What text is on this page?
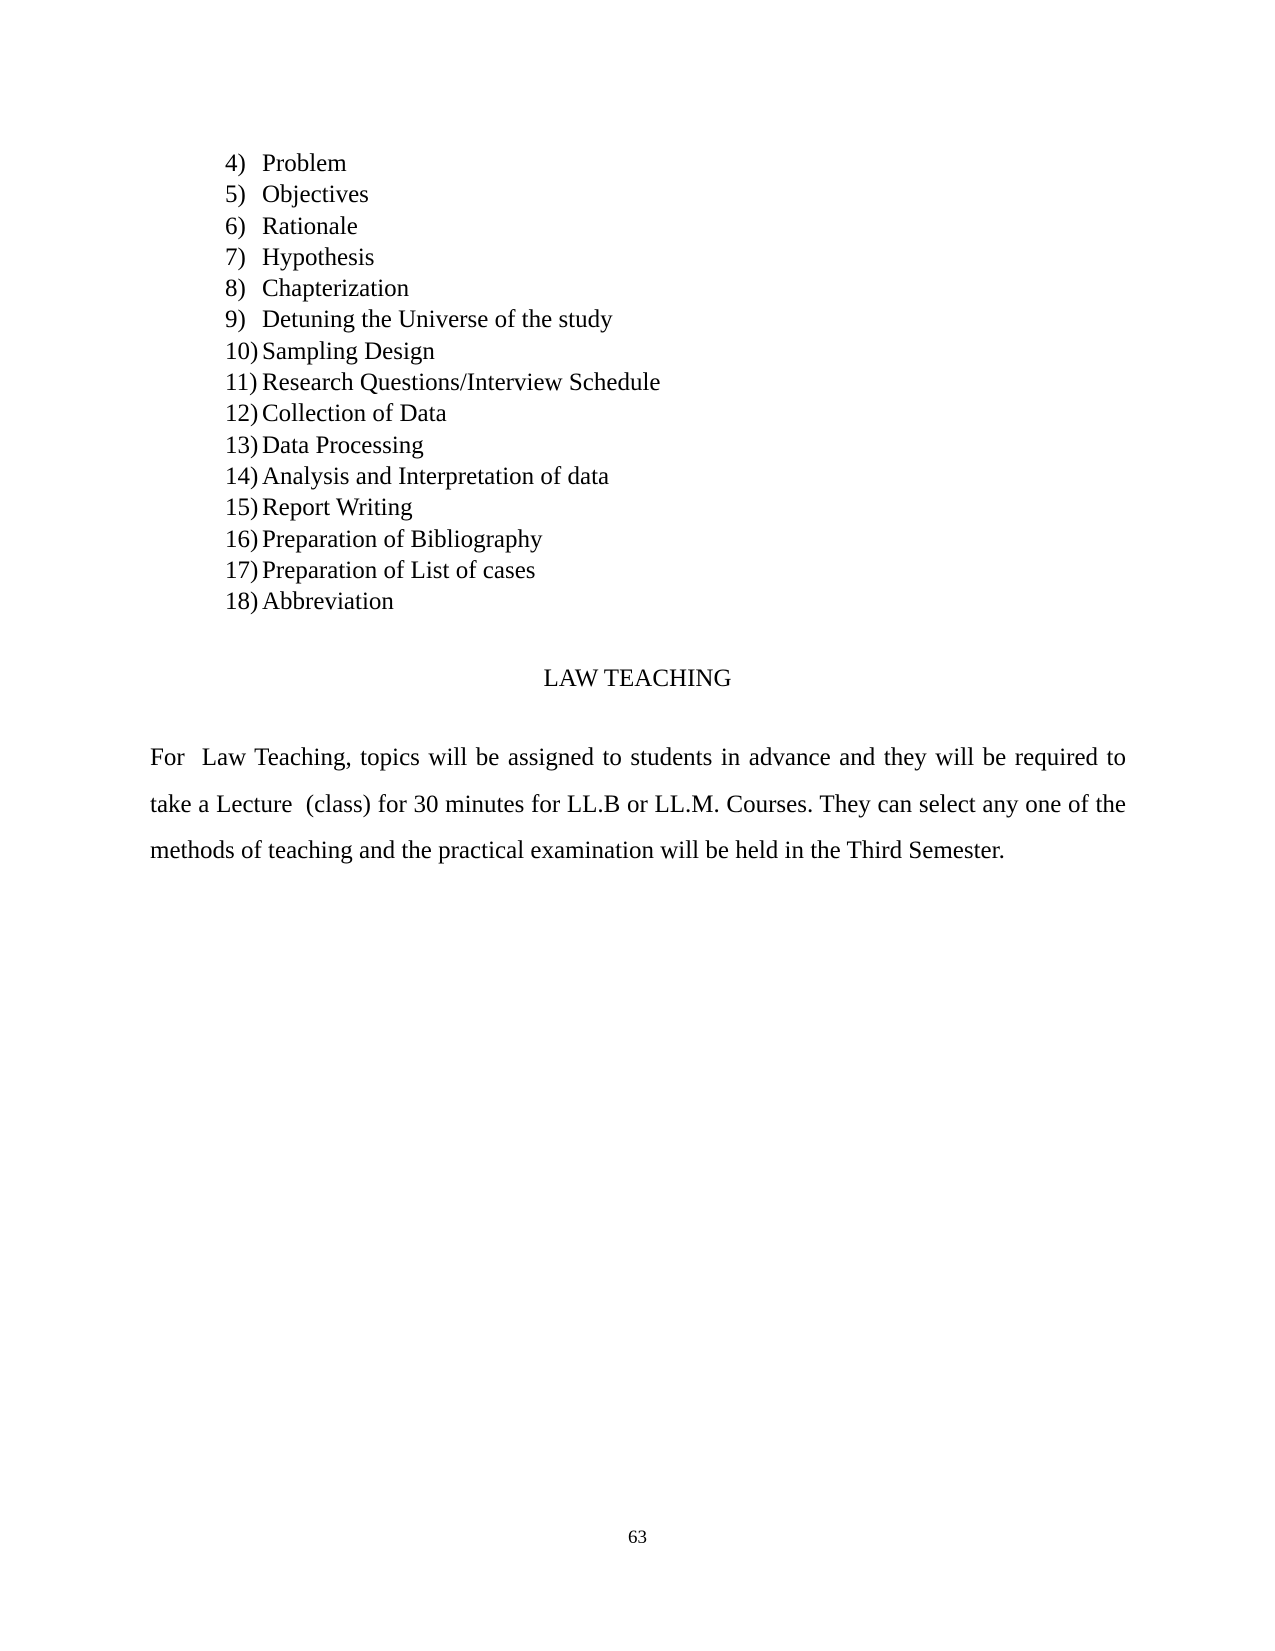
4) Problem
5) Objectives
6) Rationale
7) Hypothesis
8) Chapterization
9) Detuning the Universe of the study
10) Sampling Design
11) Research Questions/Interview Schedule
12) Collection of Data
13) Data Processing
14) Analysis and Interpretation of data
15) Report Writing
16) Preparation of Bibliography
17) Preparation of List of cases
18) Abbreviation
LAW TEACHING

For  Law Teaching, topics will be assigned to students in advance and they will be required to take a Lecture  (class) for 30 minutes for LL.B or LL.M. Courses. They can select any one of the methods of teaching and the practical examination will be held in the Third Semester.

63
